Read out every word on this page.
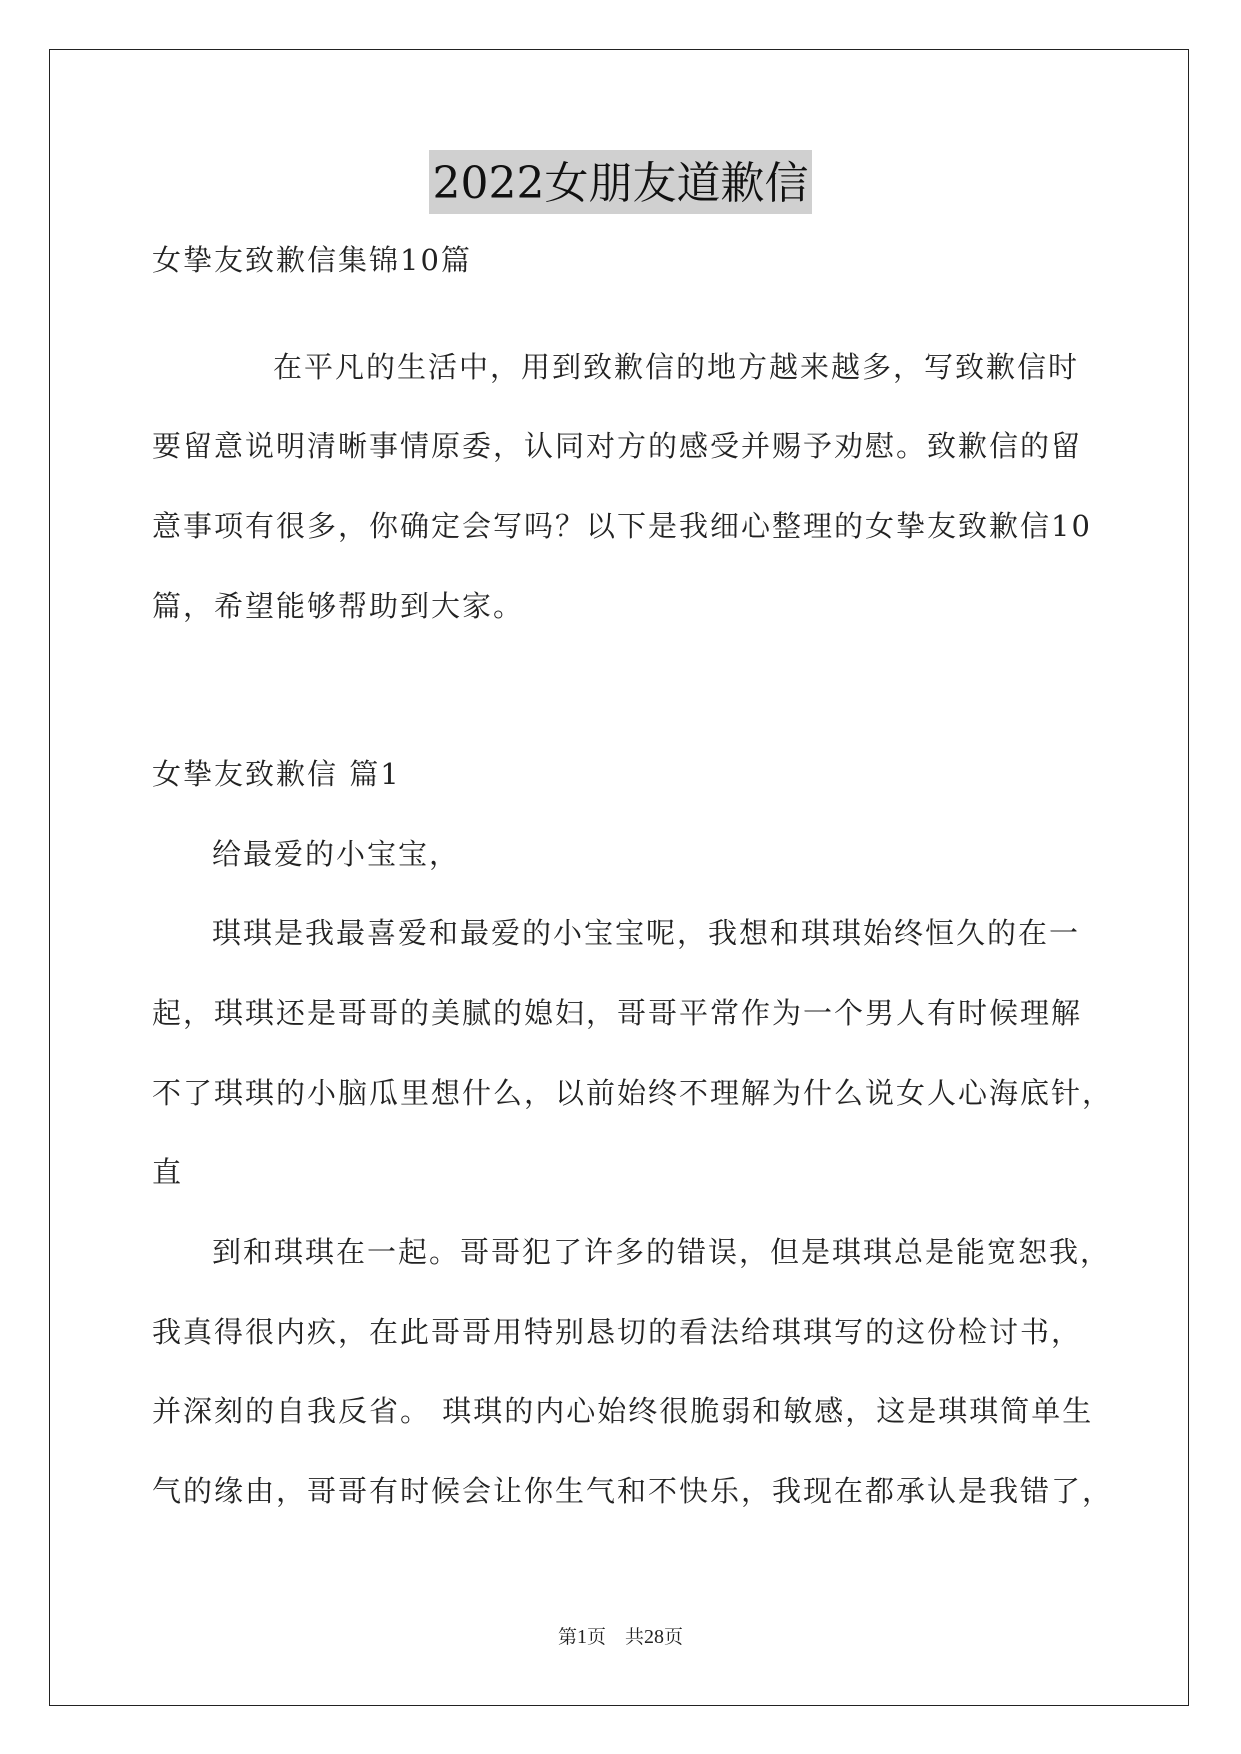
2022女朋友道歉信
女挚友致歉信集锦10篇
在平凡的生活中，用到致歉信的地方越来越多，写致歉信时
要留意说明清晰事情原委，认同对方的感受并赐予劝慰。致歉信的留
意事项有很多，你确定会写吗？以下是我细心整理的女挚友致歉信10
篇，希望能够帮助到大家。
女挚友致歉信 篇1
给最爱的小宝宝，
琪琪是我最喜爱和最爱的小宝宝呢，我想和琪琪始终恒久的在一
起，琪琪还是哥哥的美腻的媳妇，哥哥平常作为一个男人有时候理解
不了琪琪的小脑瓜里想什么，以前始终不理解为什么说女人心海底针，
直
到和琪琪在一起。哥哥犯了许多的错误，但是琪琪总是能宽恕我，
我真得很内疚，在此哥哥用特别恳切的看法给琪琪写的这份检讨书，
并深刻的自我反省。 琪琪的内心始终很脆弱和敏感，这是琪琪简单生
气的缘由，哥哥有时候会让你生气和不快乐，我现在都承认是我错了，
第1页　共28页
